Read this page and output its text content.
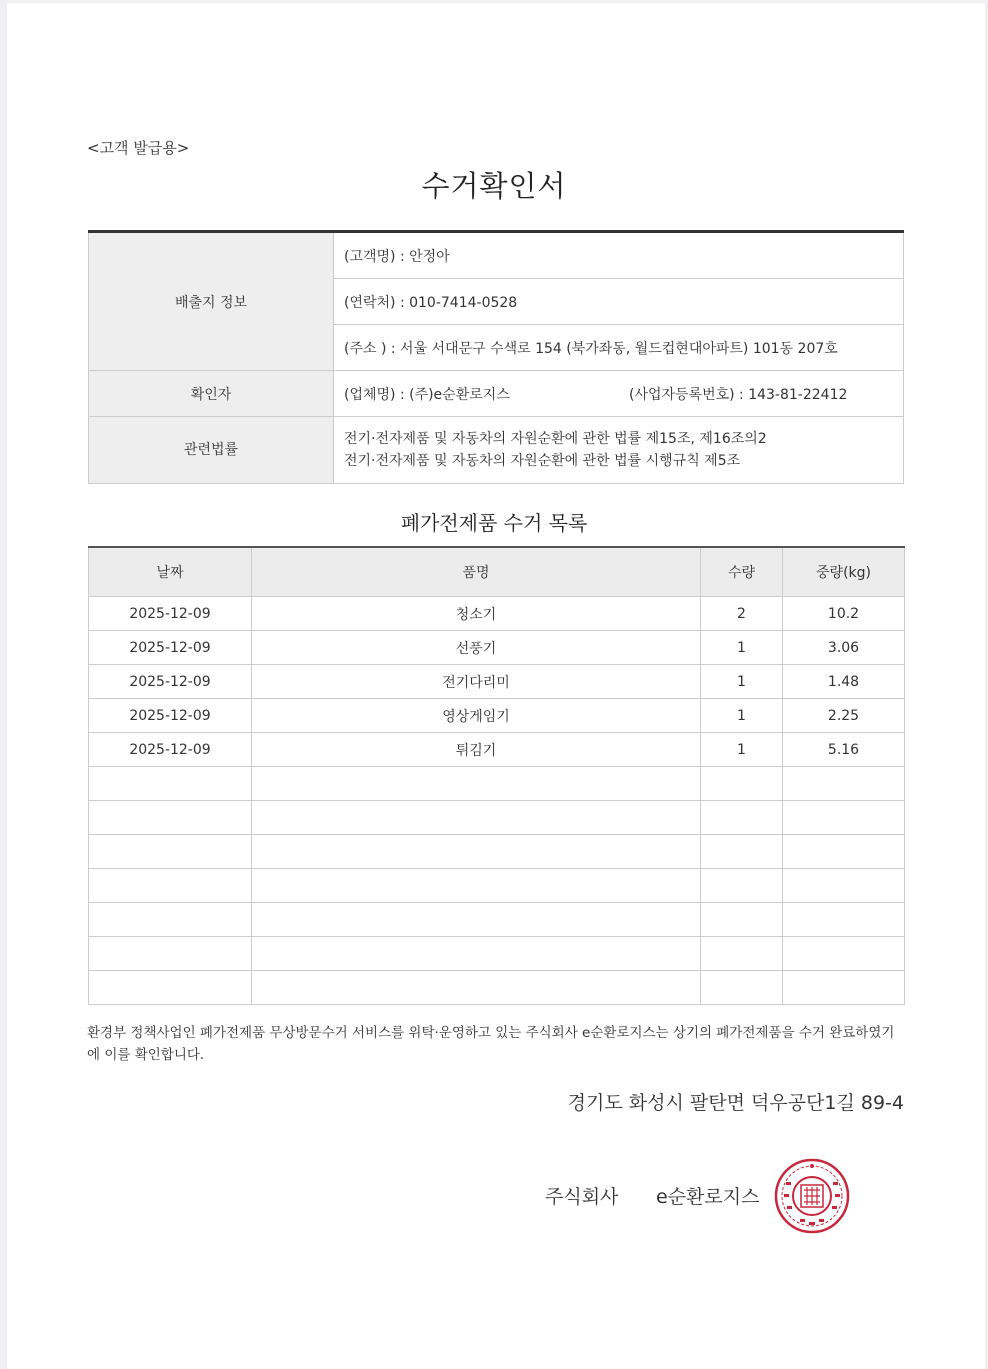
<고객 발급용>
수거확인서
배출지 정보	(고객명) : 안정아
	(연락처) : 010-7414-0528
	(주소 ) : 서울 서대문구 수색로 154 (북가좌동, 월드컵현대아파트) 101동 207호
확인자	(업체명) : (주)e순환로지스 (사업자등록번호) : 143-81-22412
관련법률	전기·전자제품 및 자동차의 자원순환에 관한 법률 제15조, 제16조의2
전기·전자제품 및 자동차의 자원순환에 관한 법률 시행규칙 제5조
폐가전제품 수거 목록
날짜	품명	수량	중량(kg)
2025-12-09	청소기	2	10.2
2025-12-09	선풍기	1	3.06
2025-12-09	전기다리미	1	1.48
2025-12-09	영상게임기	1	2.25
2025-12-09	튀김기	1	5.16

환경부 정책사업인 폐가전제품 무상방문수거 서비스를 위탁·운영하고 있는 주식회사 e순환로지스는 상기의 폐가전제품을 수거 완료하였기에 이를 확인합니다.
경기도 화성시 팔탄면 덕우공단1길 89-4
주식회사 e순환로지스
